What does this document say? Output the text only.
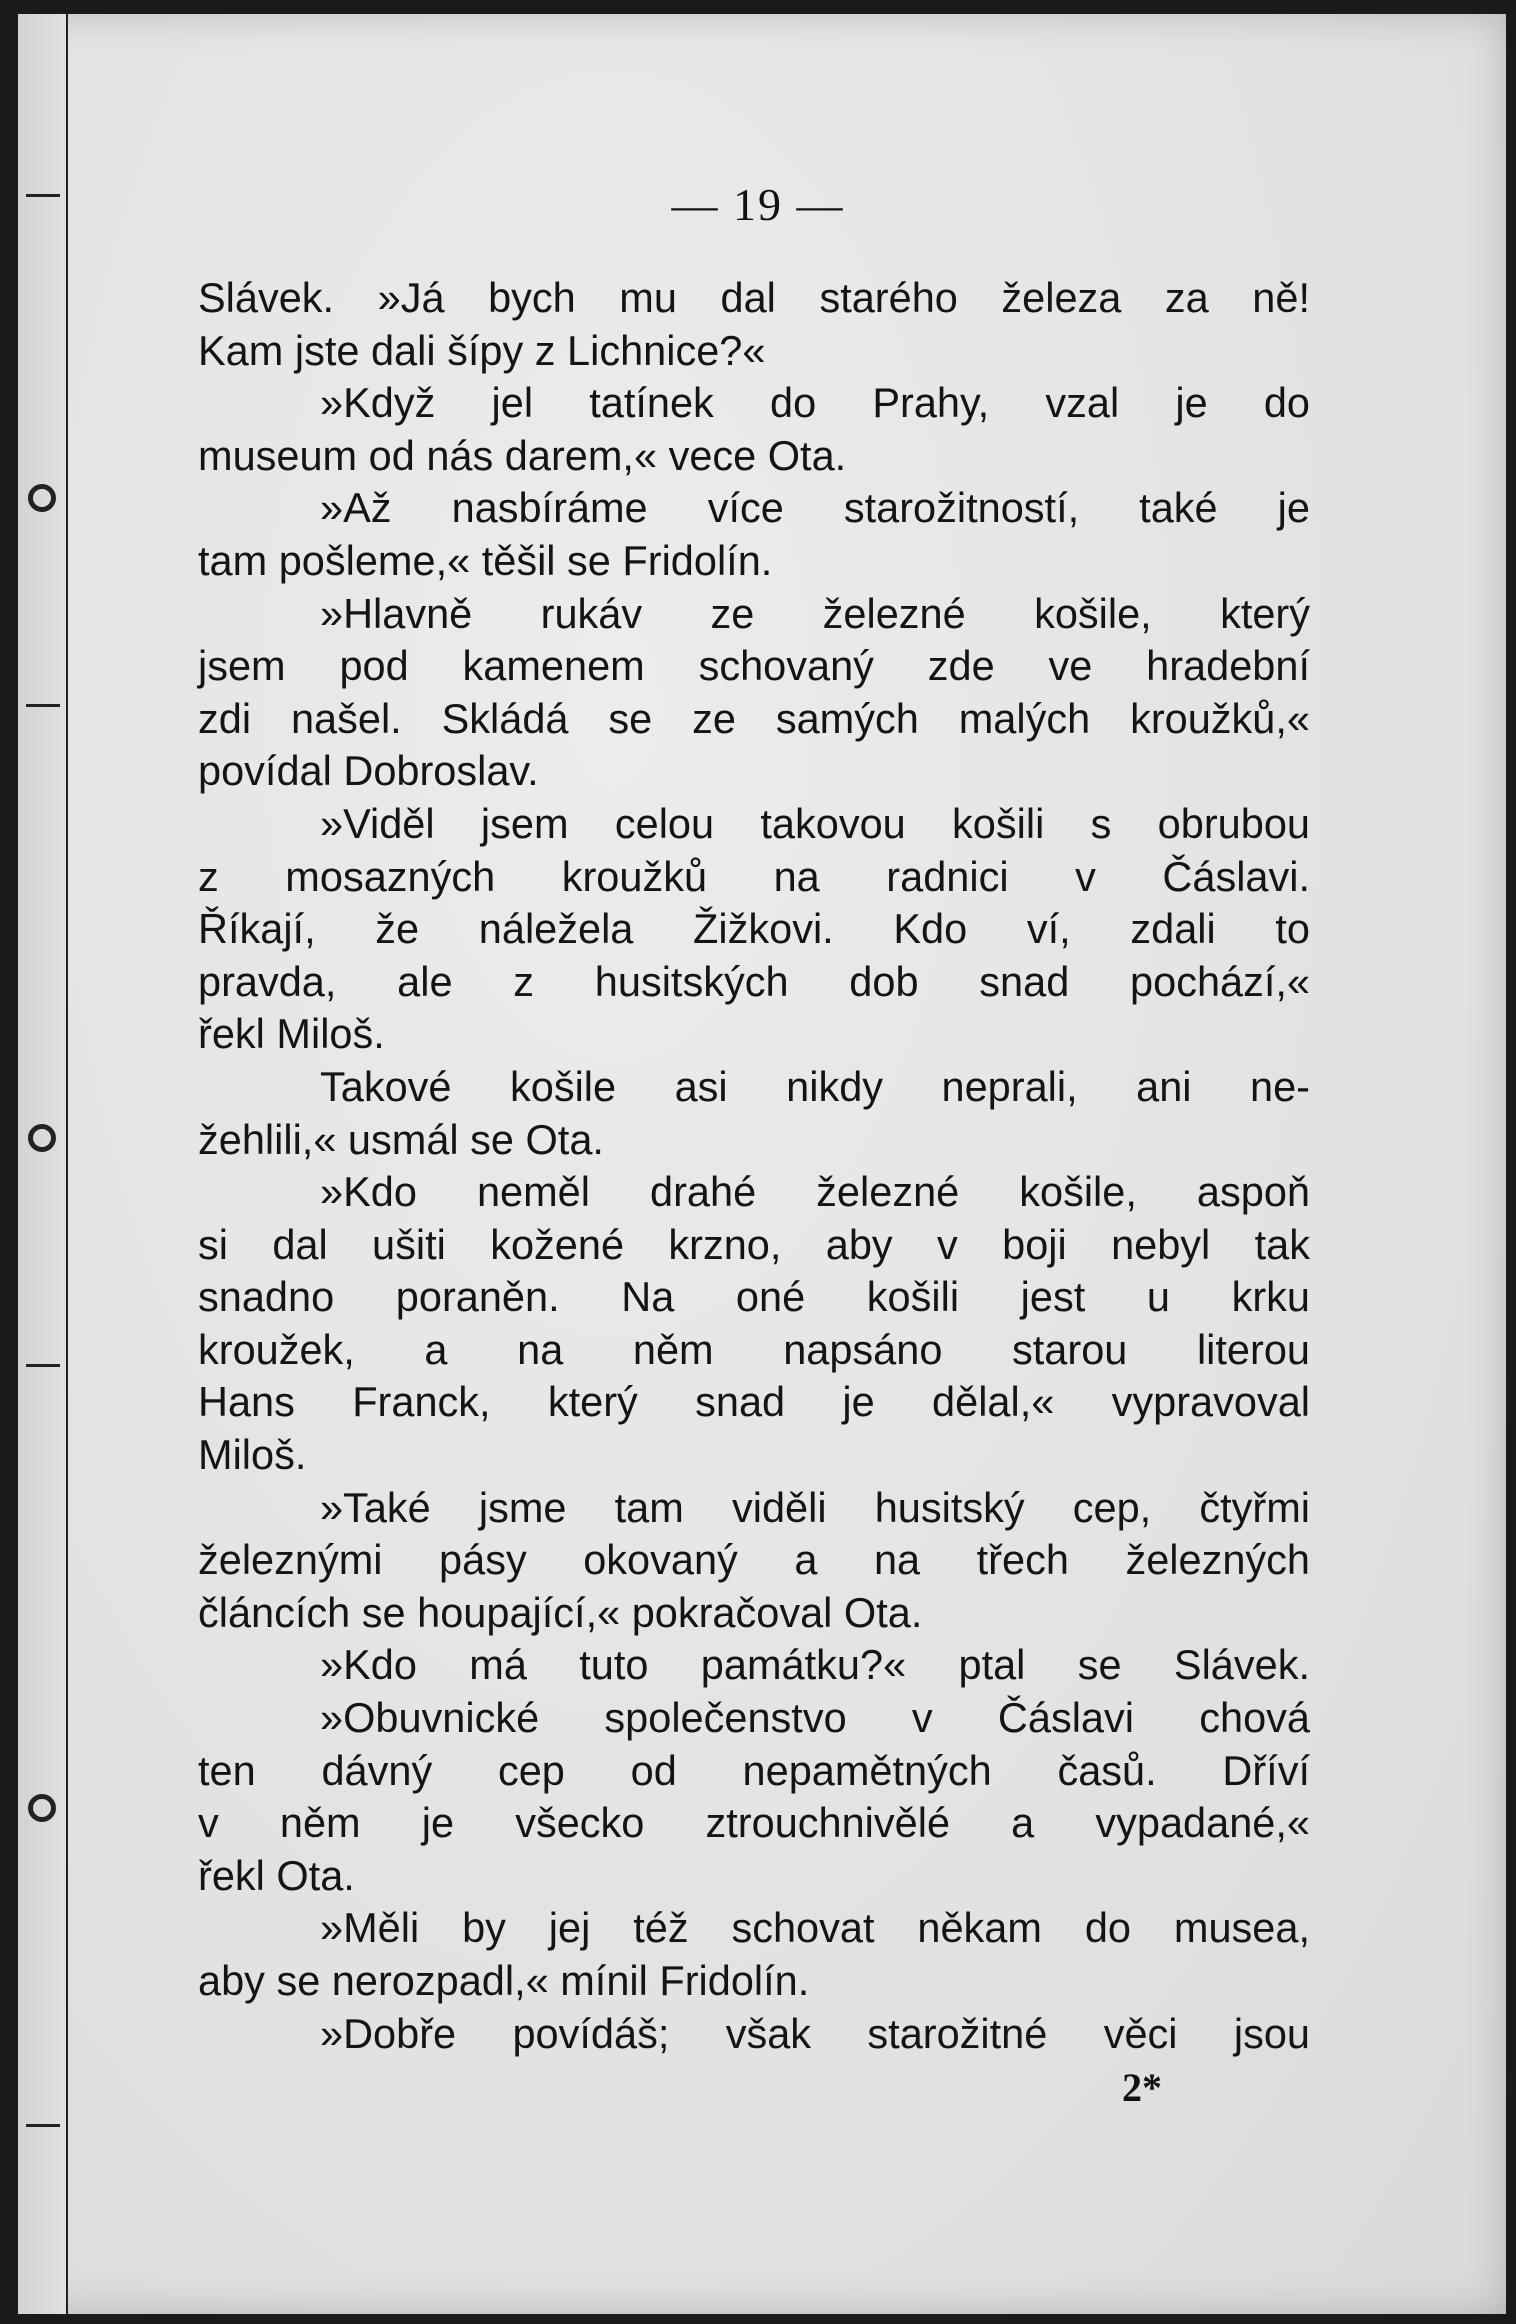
— 19 —
Slávek. »Já bych mu dal starého železa za ně!
Kam jste dali šípy z Lichnice?«
»Když jel tatínek do Prahy, vzal je do
museum od nás darem,« vece Ota.
»Až nasbíráme více starožitností, také je
tam pošleme,« těšil se Fridolín.
»Hlavně rukáv ze železné košile, který
jsem pod kamenem schovaný zde ve hradební
zdi našel. Skládá se ze samých malých kroužků,«
povídal Dobroslav.
»Viděl jsem celou takovou košili s obrubou
z mosazných kroužků na radnici v Čáslavi.
Říkají, že náležela Žižkovi. Kdo ví, zdali to
pravda, ale z husitských dob snad pochází,«
řekl Miloš.
Takové košile asi nikdy neprali, ani ne-
žehlili,« usmál se Ota.
»Kdo neměl drahé železné košile, aspoň
si dal ušiti kožené krzno, aby v boji nebyl tak
snadno poraněn. Na oné košili jest u krku
kroužek, a na něm napsáno starou literou
Hans Franck, který snad je dělal,« vypravoval
Miloš.
»Také jsme tam viděli husitský cep, čtyřmi
železnými pásy okovaný a na třech železných
článcích se houpající,« pokračoval Ota.
»Kdo má tuto památku?« ptal se Slávek.
»Obuvnické společenstvo v Čáslavi chová
ten dávný cep od nepamětných časů. Dříví
v něm je všecko ztrouchnivělé a vypadané,«
řekl Ota.
»Měli by jej též schovat někam do musea,
aby se nerozpadl,« mínil Fridolín.
»Dobře povídáš; však starožitné věci jsou
2*
